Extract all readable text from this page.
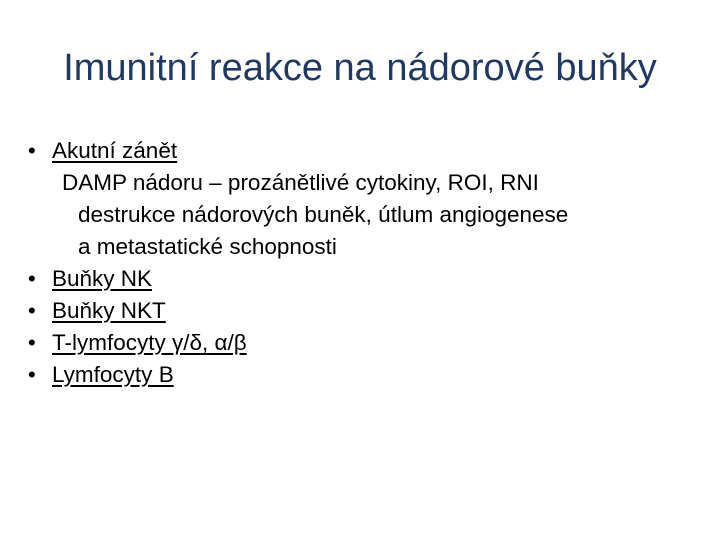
Imunitní reakce na nádorové buňky
• Akutní zánět
DAMP nádoru – prozánětlivé cytokiny, ROI, RNI
destrukce nádorových buněk, útlum angiogenese
a metastatické schopnosti
• Buňky NK
• Buňky NKT
• T-lymfocyty γ/δ, α/β
• Lymfocyty B
